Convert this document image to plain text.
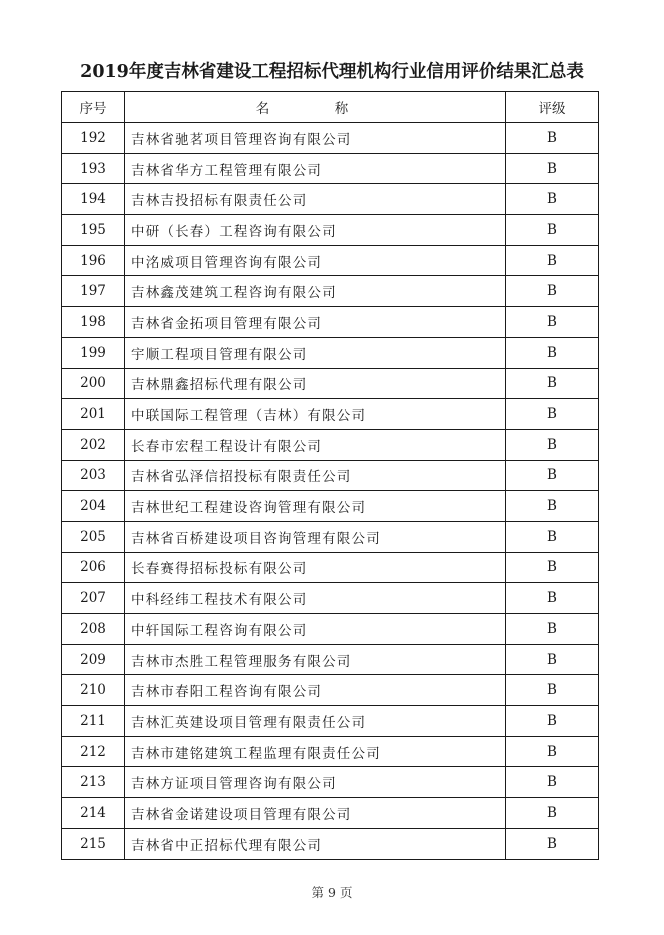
2019年度吉林省建设工程招标代理机构行业信用评价结果汇总表
序号	名　称	评级
192	吉林省驰茗项目管理咨询有限公司	B
193	吉林省华方工程管理有限公司	B
194	吉林吉投招标有限责任公司	B
195	中研（长春）工程咨询有限公司	B
196	中洺威项目管理咨询有限公司	B
197	吉林鑫茂建筑工程咨询有限公司	B
198	吉林省金拓项目管理有限公司	B
199	宇顺工程项目管理有限公司	B
200	吉林鼎鑫招标代理有限公司	B
201	中联国际工程管理（吉林）有限公司	B
202	长春市宏程工程设计有限公司	B
203	吉林省弘泽信招投标有限责任公司	B
204	吉林世纪工程建设咨询管理有限公司	B
205	吉林省百桥建设项目咨询管理有限公司	B
206	长春赛得招标投标有限公司	B
207	中科经纬工程技术有限公司	B
208	中轩国际工程咨询有限公司	B
209	吉林市杰胜工程管理服务有限公司	B
210	吉林市春阳工程咨询有限公司	B
211	吉林汇英建设项目管理有限责任公司	B
212	吉林市建铭建筑工程监理有限责任公司	B
213	吉林方证项目管理咨询有限公司	B
214	吉林省金诺建设项目管理有限公司	B
215	吉林省中正招标代理有限公司	B
第 9 页
